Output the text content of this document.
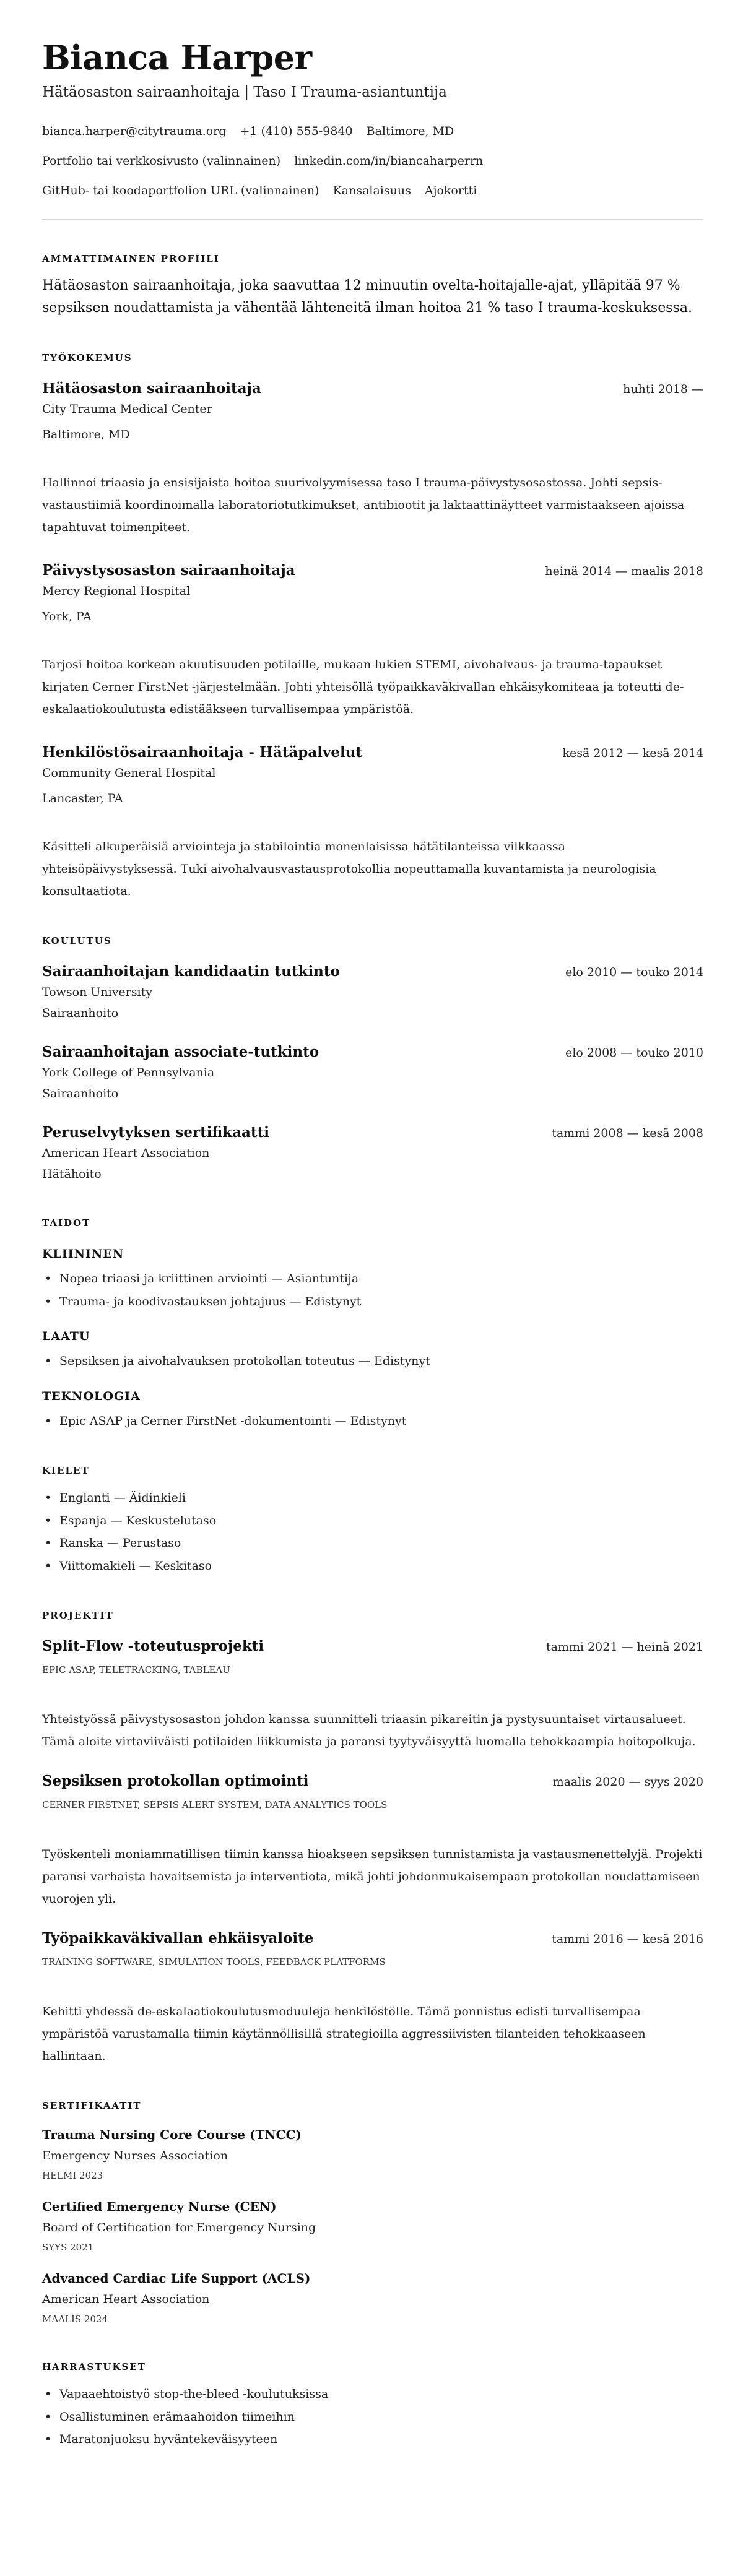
Bianca Harper
Hätäosaston sairaanhoitaja | Taso I Trauma-asiantuntija
bianca.harper@citytrauma.org +1 (410) 555-9840 Baltimore, MD
Portfolio tai verkkosivusto (valinnainen) linkedin.com/in/biancaharperrn
GitHub- tai koodaportfolion URL (valinnainen) Kansalaisuus Ajokortti
AMMATTIMAINEN PROFIILI

Hätäosaston sairaanhoitaja, joka saavuttaa 12 minuutin ovelta-hoitajalle-ajat, ylläpitää 97 % sepsiksen noudattamista ja vähentää lähteneitä ilman hoitoa 21 % taso I trauma-keskuksessa.

TYÖKOKEMUS
Hätäosaston sairaanhoitaja	huhti 2018 —
City Trauma Medical Center
Baltimore, MD

Hallinnoi triaasia ja ensisijaista hoitoa suurivolyymisessa taso I trauma-päivystysosastossa. Johti sepsis-vastaustiimiä koordinoimalla laboratoriotutkimukset, antibiootit ja laktaattinäytteet varmistaakseen ajoissa tapahtuvat toimenpiteet.

Päivystysosaston sairaanhoitaja	heinä 2014 — maalis 2018
Mercy Regional Hospital
York, PA

Tarjosi hoitoa korkean akuutisuuden potilaille, mukaan lukien STEMI, aivohalvaus- ja trauma-tapaukset kirjaten Cerner FirstNet -järjestelmään. Johti yhteisöllä työpaikkaväkivallan ehkäisykomiteaa ja toteutti de-eskalaatiokoulutusta edistääkseen turvallisempaa ympäristöä.

Henkilöstösairaanhoitaja - Hätäpalvelut	kesä 2012 — kesä 2014
Community General Hospital
Lancaster, PA

Käsitteli alkuperäisiä arviointeja ja stabilointia monenlaisissa hätätilanteissa vilkkaassa yhteisöpäivystyksessä. Tuki aivohalvausvastausprotokollia nopeuttamalla kuvantamista ja neurologisia konsultaatiota.

KOULUTUS
Sairaanhoitajan kandidaatin tutkinto	elo 2010 — touko 2014
Towson University
Sairaanhoito
Sairaanhoitajan associate-tutkinto	elo 2008 — touko 2010
York College of Pennsylvania
Sairaanhoito
Peruselvytyksen sertifikaatti	tammi 2008 — kesä 2008
American Heart Association
Hätähoito
TAIDOT
KLIININEN
• Nopea triaasi ja kriittinen arviointi — Asiantuntija
• Trauma- ja koodivastauksen johtajuus — Edistynyt
LAATU
• Sepsiksen ja aivohalvauksen protokollan toteutus — Edistynyt
TEKNOLOGIA
• Epic ASAP ja Cerner FirstNet -dokumentointi — Edistynyt
KIELET
• Englanti — Äidinkieli
• Espanja — Keskustelutaso
• Ranska — Perustaso
• Viittomakieli — Keskitaso
PROJEKTIT
Split-Flow -toteutusprojekti	tammi 2021 — heinä 2021
EPIC ASAP, TELETRACKING, TABLEAU

Yhteistyössä päivystysosaston johdon kanssa suunnitteli triaasin pikareitin ja pystysuuntaiset virtausalueet. Tämä aloite virtaviiväisti potilaiden liikkumista ja paransi tyytyväisyyttä luomalla tehokkaampia hoitopolkuja.

Sepsiksen protokollan optimointi	maalis 2020 — syys 2020
CERNER FIRSTNET, SEPSIS ALERT SYSTEM, DATA ANALYTICS TOOLS

Työskenteli moniammatillisen tiimin kanssa hioakseen sepsiksen tunnistamista ja vastausmenettelyjä. Projekti paransi varhaista havaitsemista ja interventiota, mikä johti johdonmukaisempaan protokollan noudattamiseen vuorojen yli.

Työpaikkaväkivallan ehkäisyaloite	tammi 2016 — kesä 2016
TRAINING SOFTWARE, SIMULATION TOOLS, FEEDBACK PLATFORMS

Kehitti yhdessä de-eskalaatiokoulutusmoduuleja henkilöstölle. Tämä ponnistus edisti turvallisempaa ympäristöä varustamalla tiimin käytännöllisillä strategioilla aggressiivisten tilanteiden tehokkaaseen hallintaan.

SERTIFIKAATIT
Trauma Nursing Core Course (TNCC)
Emergency Nurses Association
HELMI 2023
Certified Emergency Nurse (CEN)
Board of Certification for Emergency Nursing
SYYS 2021
Advanced Cardiac Life Support (ACLS)
American Heart Association
MAALIS 2024
HARRASTUKSET
• Vapaaehtoistyö stop-the-bleed -koulutuksissa
• Osallistuminen erämaahoidon tiimeihin
• Maratonjuoksu hyväntekeväisyyteen
